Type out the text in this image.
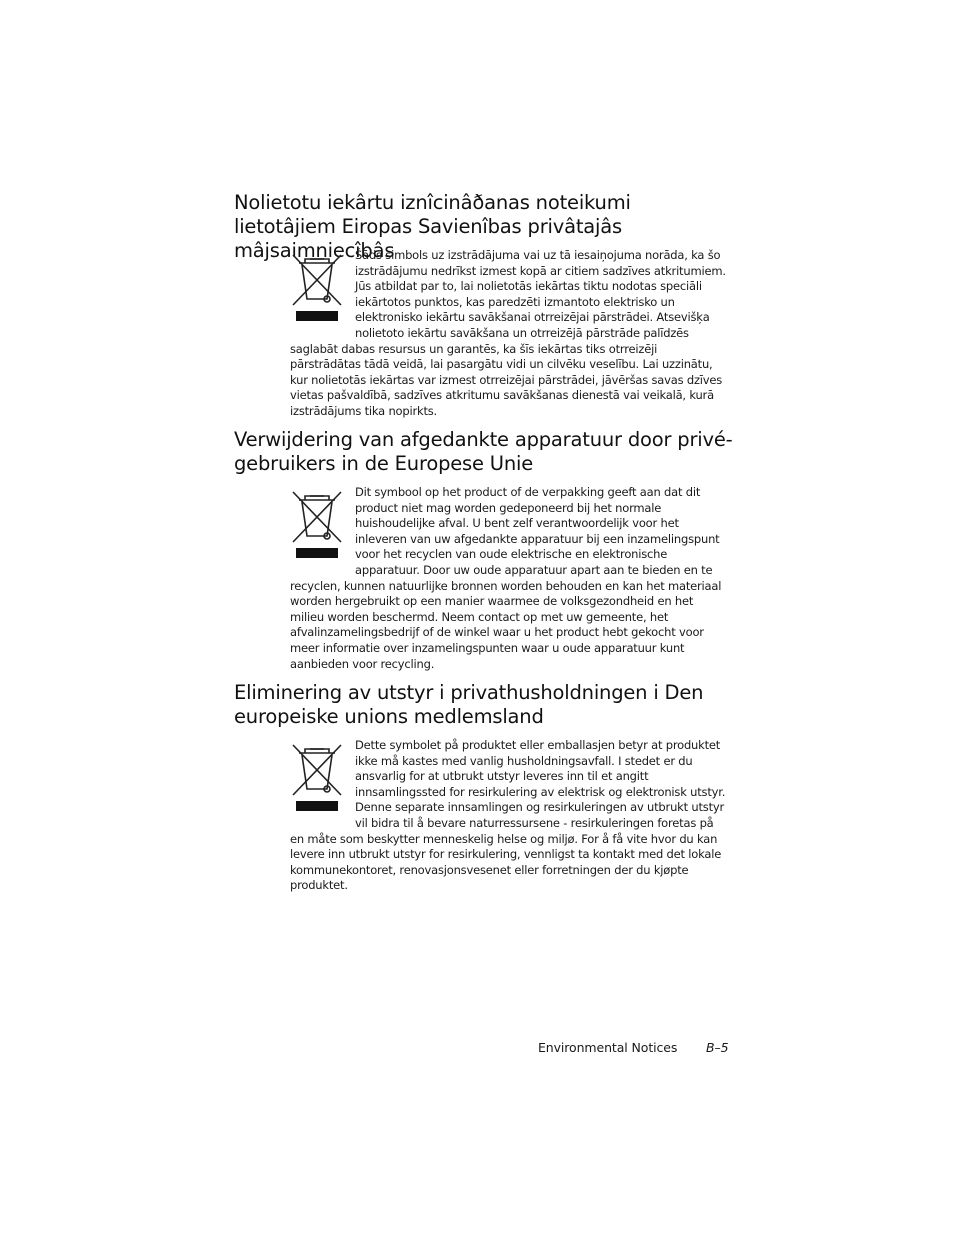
Nolietotu iekârtu iznîcinâðanas noteikumi lietotâjiem Eiropas Savienîbas privâtajâs mâjsaimniecîbâs

Šāds simbols uz izstrādājuma vai uz tā iesaiņojuma norāda, ka šo izstrādājumu nedrīkst izmest kopā ar citiem sadzīves atkritumiem. Jūs atbildat par to, lai nolietotās iekārtas tiktu nodotas speciāli iekārtotos punktos, kas paredzēti izmantoto elektrisko un elektronisko iekārtu savākšanai otrreizējai pārstrādei. Atsevišķa nolietoto iekārtu savākšana un otrreizējā pārstrāde palīdzēs saglabāt dabas resursus un garantēs, ka šīs iekārtas tiks otrreizēji pārstrādātas tādā veidā, lai pasargātu vidi un cilvēku veselību. Lai uzzinātu, kur nolietotās iekārtas var izmest otrreizējai pārstrādei, jāvēršas savas dzīves vietas pašvaldībā, sadzīves atkritumu savākšanas dienestā vai veikalā, kurā izstrādājums tika nopirkts.

Verwijdering van afgedankte apparatuur door privé-gebruikers in de Europese Unie

Dit symbool op het product of de verpakking geeft aan dat dit product niet mag worden gedeponeerd bij het normale huishoudelijke afval. U bent zelf verantwoordelijk voor het inleveren van uw afgedankte apparatuur bij een inzamelingspunt voor het recyclen van oude elektrische en elektronische apparatuur. Door uw oude apparatuur apart aan te bieden en te recyclen, kunnen natuurlijke bronnen worden behouden en kan het materiaal worden hergebruikt op een manier waarmee de volksgezondheid en het milieu worden beschermd. Neem contact op met uw gemeente, het afvalinzamelingsbedrijf of de winkel waar u het product hebt gekocht voor meer informatie over inzamelingspunten waar u oude apparatuur kunt aanbieden voor recycling.

Eliminering av utstyr i privathusholdningen i Den europeiske unions medlemsland

Dette symbolet på produktet eller emballasjen betyr at produktet ikke må kastes med vanlig husholdningsavfall. I stedet er du ansvarlig for at utbrukt utstyr leveres inn til et angitt innsamlingssted for resirkulering av elektrisk og elektronisk utstyr. Denne separate innsamlingen og resirkuleringen av utbrukt utstyr vil bidra til å bevare naturressursene - resirkuleringen foretas på en måte som beskytter menneskelig helse og miljø. For å få vite hvor du kan levere inn utbrukt utstyr for resirkulering, vennligst ta kontakt med det lokale kommunekontoret, renovasjonsvesenet eller forretningen der du kjøpte produktet.

Environmental Notices B–5
